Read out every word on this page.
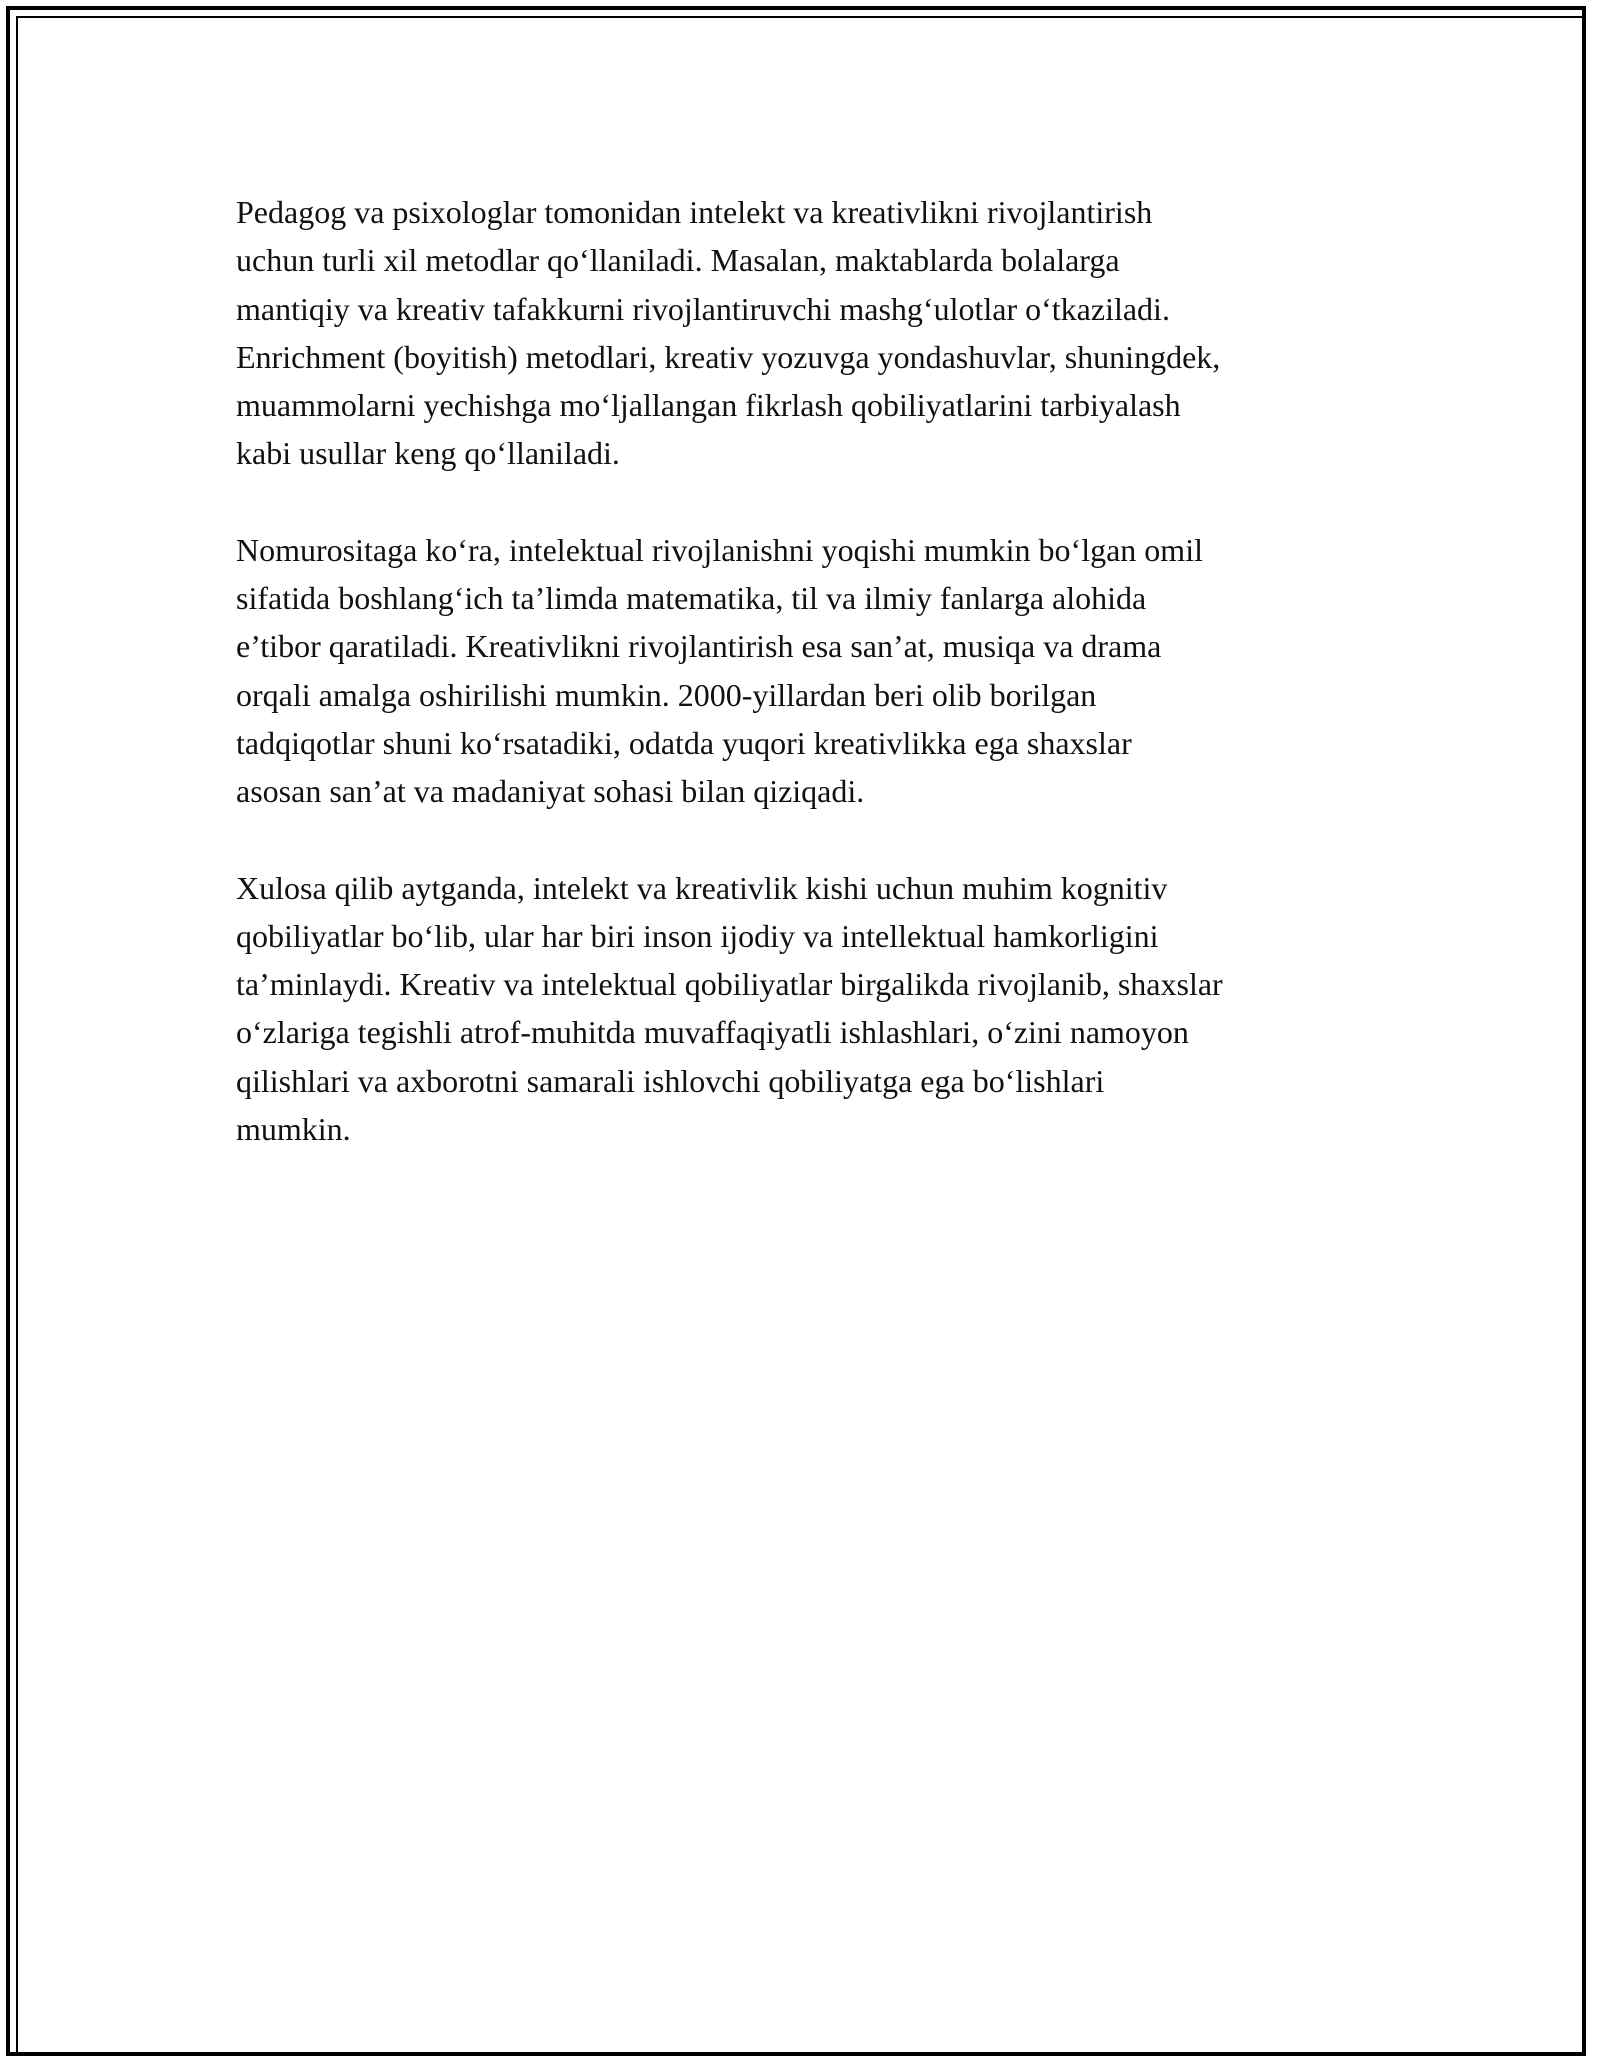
Pedagog va psixologlar tomonidan intelekt va kreativlikni rivojlantirish
uchun turli xil metodlar qo‘llaniladi. Masalan, maktablarda bolalarga
mantiqiy va kreativ tafakkurni rivojlantiruvchi mashg‘ulotlar o‘tkaziladi.
Enrichment (boyitish) metodlari, kreativ yozuvga yondashuvlar, shuningdek,
muammolarni yechishga mo‘ljallangan fikrlash qobiliyatlarini tarbiyalash
kabi usullar keng qo‘llaniladi.

Nomurositaga ko‘ra, intelektual rivojlanishni yoqishi mumkin bo‘lgan omil
sifatida boshlang‘ich ta’limda matematika, til va ilmiy fanlarga alohida
e’tibor qaratiladi. Kreativlikni rivojlantirish esa san’at, musiqa va drama
orqali amalga oshirilishi mumkin. 2000-yillardan beri olib borilgan
tadqiqotlar shuni ko‘rsatadiki, odatda yuqori kreativlikka ega shaxslar
asosan san’at va madaniyat sohasi bilan qiziqadi.

Xulosa qilib aytganda, intelekt va kreativlik kishi uchun muhim kognitiv
qobiliyatlar bo‘lib, ular har biri inson ijodiy va intellektual hamkorligini
ta’minlaydi. Kreativ va intelektual qobiliyatlar birgalikda rivojlanib, shaxslar
o‘zlariga tegishli atrof-muhitda muvaffaqiyatli ishlashlari, o‘zini namoyon
qilishlari va axborotni samarali ishlovchi qobiliyatga ega bo‘lishlari
mumkin.
